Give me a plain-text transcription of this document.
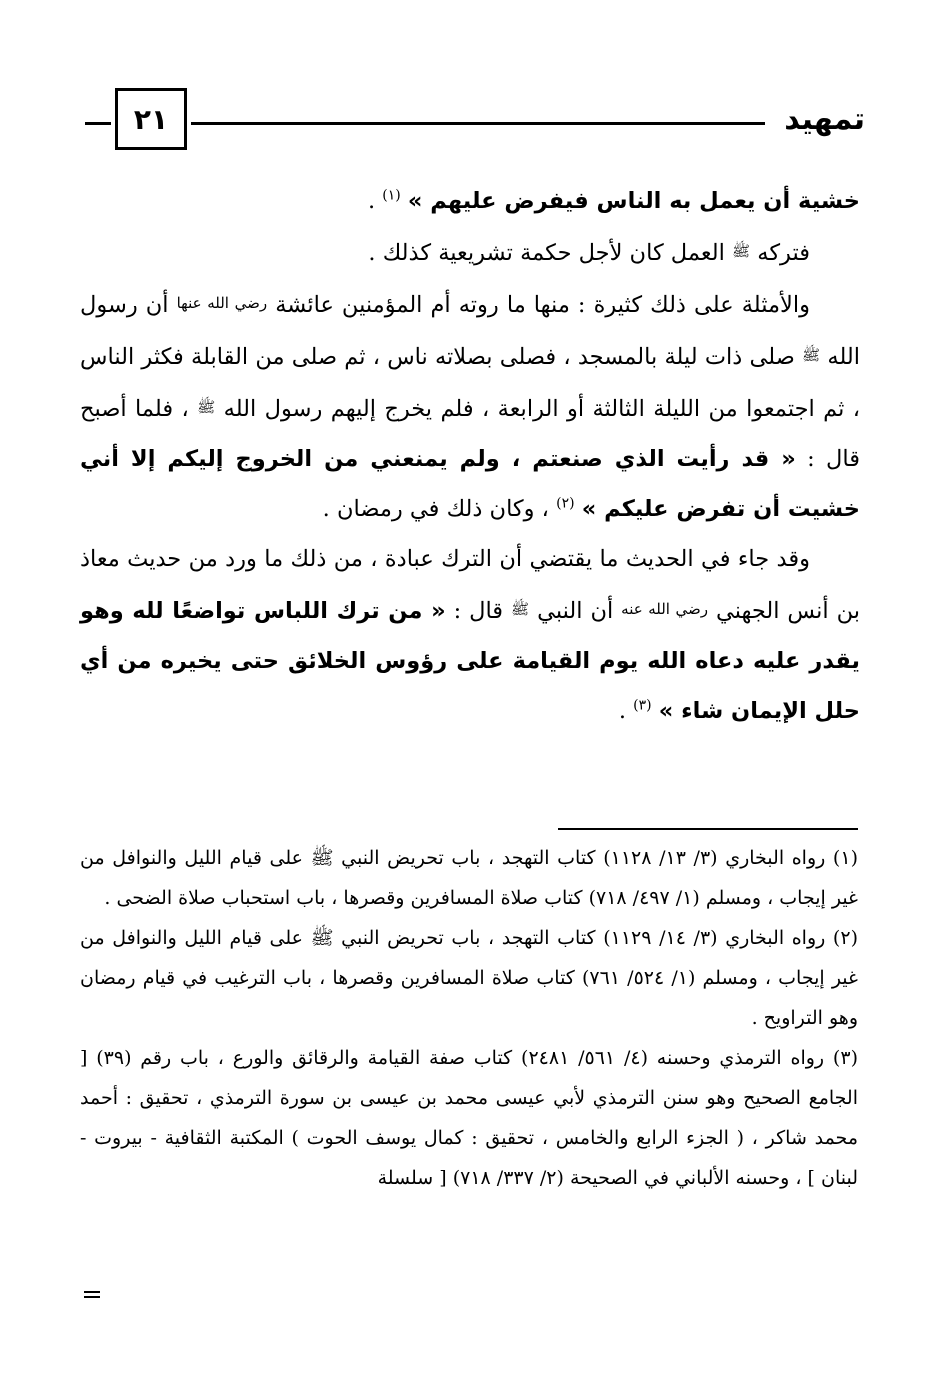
تمهيد
٢١

خشية أن يعمل به الناس فيفرض عليهم » $^{(١)}$ .

فتركه ﷺ العمل كان لأجل حكمة تشريعية كذلك .

والأمثلة على ذلك كثيرة : منها ما روته أم المؤمنين عائشة رضي الله عنها أن رسول الله ﷺ صلى ذات ليلة بالمسجد ، فصلى بصلاته ناس ، ثم صلى من القابلة فكثر الناس ، ثم اجتمعوا من الليلة الثالثة أو الرابعة ، فلم يخرج إليهم رسول الله ﷺ ، فلما أصبح قال : « قد رأيت الذي صنعتم ، ولم يمنعني من الخروج إليكم إلا أني خشيت أن تفرض عليكم » $^{(٢)}$ ، وكان ذلك في رمضان .

وقد جاء في الحديث ما يقتضي أن الترك عبادة ، من ذلك ما ورد من حديث معاذ بن أنس الجهني رضي الله عنه أن النبي ﷺ قال : « من ترك اللباس تواضعًا لله وهو يقدر عليه دعاه الله يوم القيامة على رؤوس الخلائق حتى يخيره من أي حلل الإيمان شاء » $^{(٣)}$ .

(١) رواه البخاري (٣/ ١٣/ ١١٢٨) كتاب التهجد ، باب تحريض النبي ﷺ على قيام الليل والنوافل من غير إيجاب ، ومسلم (١/ ٤٩٧/ ٧١٨) كتاب صلاة المسافرين وقصرها ، باب استحباب صلاة الضحى .

(٢) رواه البخاري (٣/ ١٤/ ١١٢٩) كتاب التهجد ، باب تحريض النبي ﷺ على قيام الليل والنوافل من غير إيجاب ، ومسلم (١/ ٥٢٤/ ٧٦١) كتاب صلاة المسافرين وقصرها ، باب الترغيب في قيام رمضان وهو التراويح .

(٣) رواه الترمذي وحسنه (٤/ ٥٦١/ ٢٤٨١) كتاب صفة القيامة والرقائق والورع ، باب رقم (٣٩) [ الجامع الصحيح وهو سنن الترمذي لأبي عيسى محمد بن عيسى بن سورة الترمذي ، تحقيق : أحمد محمد شاكر ، ( الجزء الرابع والخامس ، تحقيق : كمال يوسف الحوت ) المكتبة الثقافية - بيروت - لبنان ] ، وحسنه الألباني في الصحيحة (٢/ ٣٣٧/ ٧١٨) [ سلسلة
